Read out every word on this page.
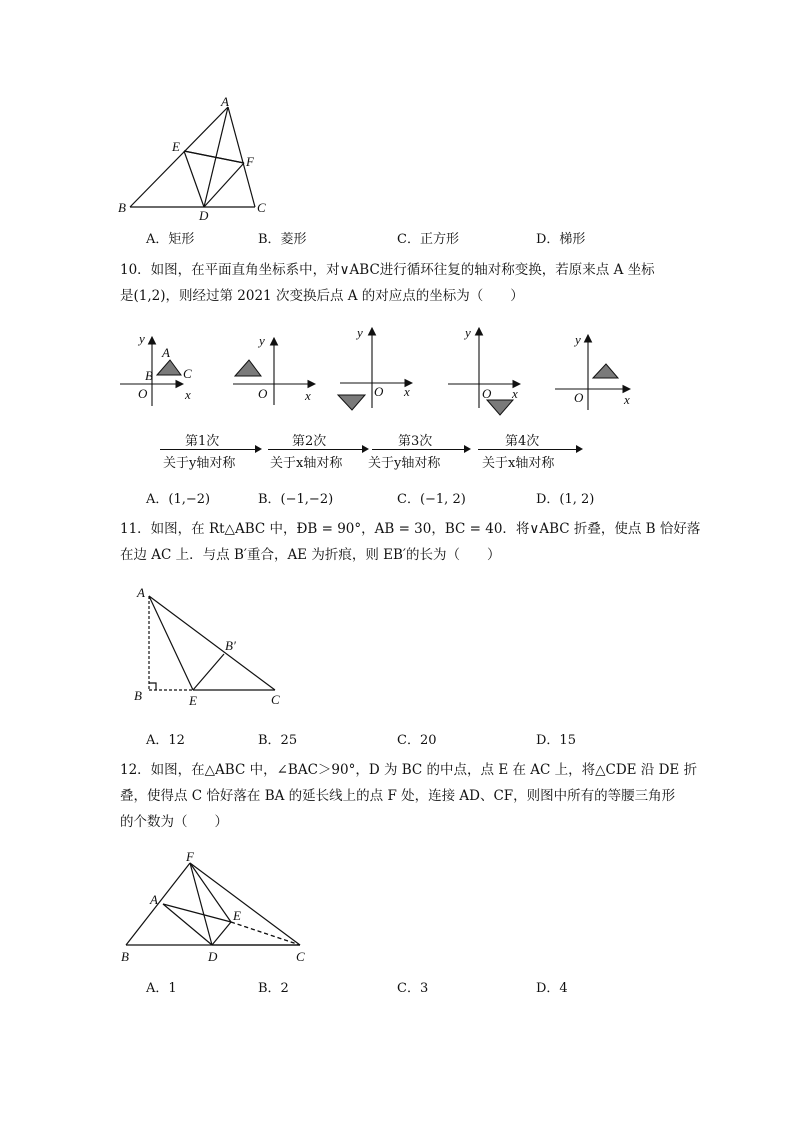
A
E
F
B
D
C
A．矩形	B．菱形	C．正方形	D．梯形
10．如图，在平面直角坐标系中，对∨ABC进行循环往复的轴对称变换，若原来点 A 坐标
是(1,2)，则经过第 2021 次变换后点 A 的对应点的坐标为（　　）
y
x
O
A
B C
y
x
O
y
x
O
y
x
O
y
x
O
第1次
关于y轴对称
第2次
关于x轴对称
第3次
关于y轴对称
第4次
关于x轴对称
A．(1,−2)	B．(−1,−2)	C．(−1, 2)	D．(1, 2)
11．如图，在 Rt△ABC 中，ÐB = 90°，AB = 30，BC = 40．将∨ABC 折叠，使点 B 恰好落
在边 AC 上．与点 B′重合，AE 为折痕，则 EB′的长为（　　）
A
B′
B	E	C
A．12	B．25	C．20	D．15
12．如图，在△ABC 中，∠BAC＞90°，D 为 BC 的中点，点 E 在 AC 上，将△CDE 沿 DE 折
叠，使得点 C 恰好落在 BA 的延长线上的点 F 处，连接 AD、CF，则图中所有的等腰三角形
的个数为（　　）
F
A
E
B	D	C
A．1	B．2	C．3	D．4
